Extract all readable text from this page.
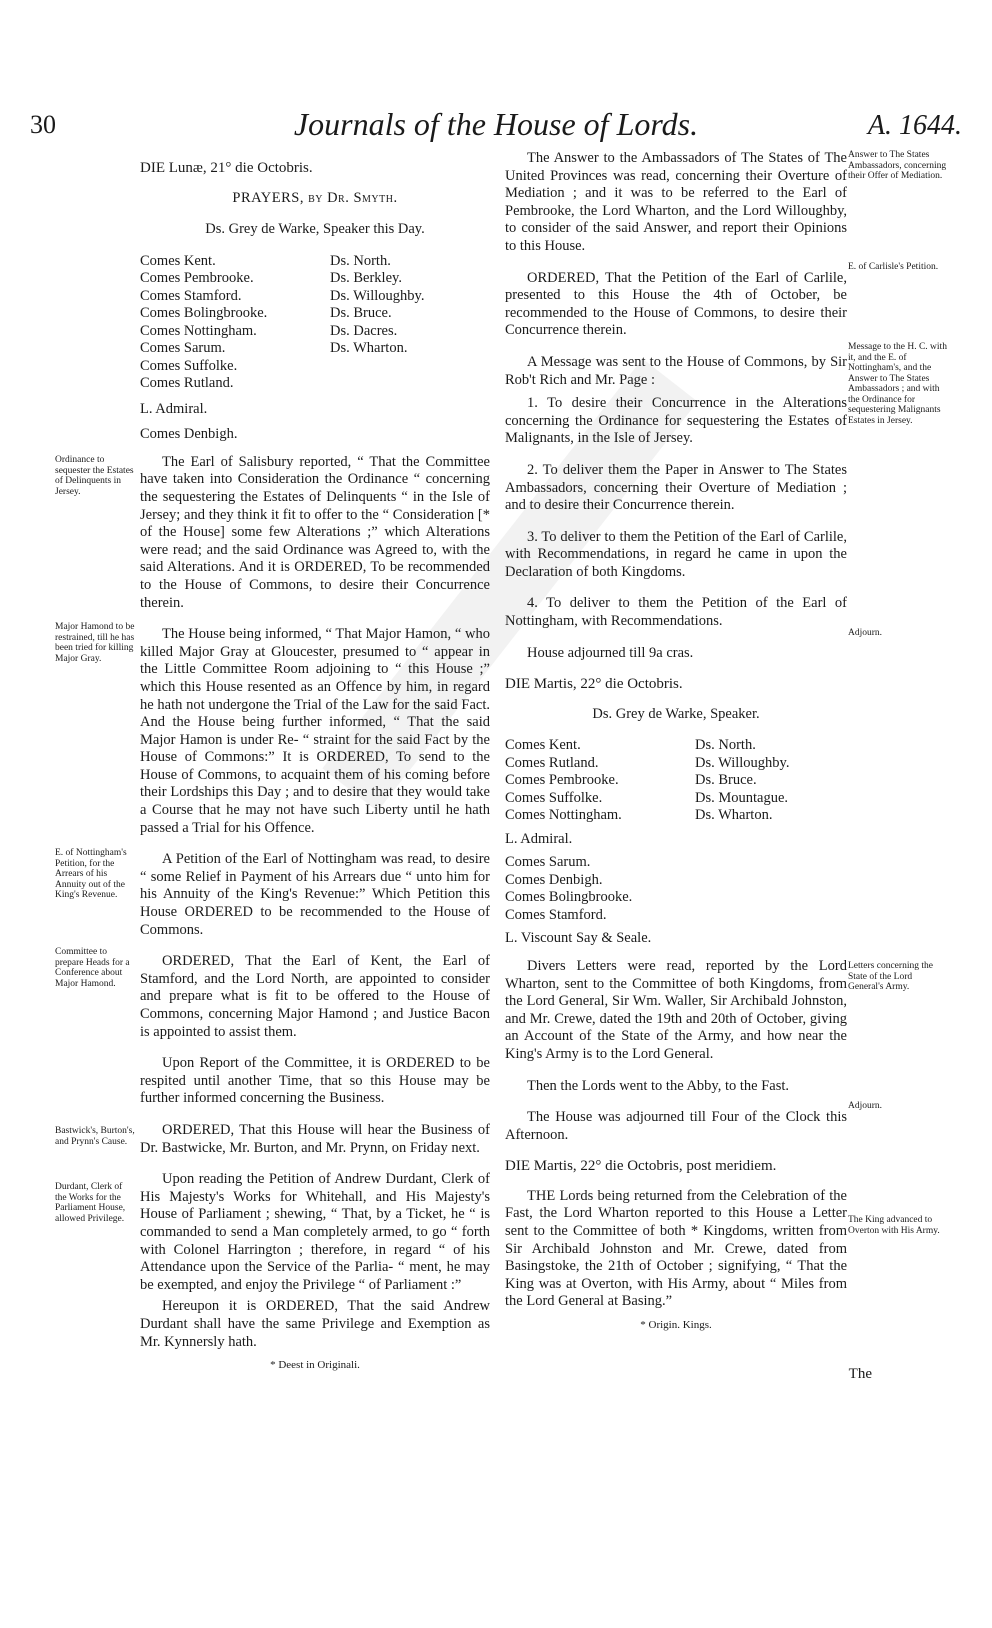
30	Journals of the House of Lords.	A. 1644.
Ordinance to sequester the Estates of Delinquents in Jersey.
Major Hamond to be restrained, till he has been tried for killing Major Gray.
E. of Nottingham's Petition, for the Arrears of his Annuity out of the King's Revenue.
Committee to prepare Heads for a Conference about Major Hamond.
Bastwick's, Burton's, and Prynn's Cause.
Durdant, Clerk of the Works for the Parliament House, allowed Privilege.
Answer to The States Ambassadors, concerning their Offer of Mediation.
E. of Carlisle's Petition.
Message to the H. C. with it, and the E. of Nottingham's, and the Answer to The States Ambassadors ; and with the Ordinance for sequestering Malignants Estates in Jersey.
Adjourn.
Letters concerning the State of the Lord General's Army.
Adjourn.
The King advanced to Overton with His Army.
DIE Lunæ, 21° die Octobris.

PRAYERS, by Dr. Smyth.

Ds. Grey de Warke, Speaker this Day.

Comes Kent.
Comes Pembrooke.
Comes Stamford.
Comes Bolingbrooke.
Comes Nottingham.
Comes Sarum.
Comes Suffolke.
Comes Rutland.
L. Admiral.
Comes Denbigh.
Ds. North.
Ds. Berkley.
Ds. Willoughby.
Ds. Bruce.
Ds. Dacres.
Ds. Wharton.

The Earl of Salisbury reported, “ That the Committee have taken into Consideration the Ordinance “ concerning the sequestering the Estates of Delinquents “ in the Isle of Jersey; and they think it fit to offer to the “ Consideration [* of the House] some few Alterations ;” which Alterations were read; and the said Ordinance was Agreed to, with the said Alterations. And it is ORDERED, To be recommended to the House of Commons, to desire their Concurrence therein.

The House being informed, “ That Major Hamon, “ who killed Major Gray at Gloucester, presumed to “ appear in the Little Committee Room adjoining to “ this House ;” which this House resented as an Offence by him, in regard he hath not undergone the Trial of the Law for the said Fact. And the House being further informed, “ That the said Major Hamon is under Re- “ straint for the said Fact by the House of Commons:” It is ORDERED, To send to the House of Commons, to acquaint them of his coming before their Lordships this Day ; and to desire that they would take a Course that he may not have such Liberty until he hath passed a Trial for his Offence.

A Petition of the Earl of Nottingham was read, to desire “ some Relief in Payment of his Arrears due “ unto him for his Annuity of the King's Revenue:” Which Petition this House ORDERED to be recommended to the House of Commons.

ORDERED, That the Earl of Kent, the Earl of Stamford, and the Lord North, are appointed to consider and prepare what is fit to be offered to the House of Commons, concerning Major Hamond ; and Justice Bacon is appointed to assist them.

Upon Report of the Committee, it is ORDERED to be respited until another Time, that so this House may be further informed concerning the Business.

ORDERED, That this House will hear the Business of Dr. Bastwicke, Mr. Burton, and Mr. Prynn, on Friday next.

Upon reading the Petition of Andrew Durdant, Clerk of His Majesty's Works for Whitehall, and His Majesty's House of Parliament ; shewing, “ That, by a Ticket, he “ is commanded to send a Man completely armed, to go “ forth with Colonel Harrington ; therefore, in regard “ of his Attendance upon the Service of the Parlia- “ ment, he may be exempted, and enjoy the Privilege “ of Parliament :”

Hereupon it is ORDERED, That the said Andrew Durdant shall have the same Privilege and Exemption as Mr. Kynnersly hath.

* Deest in Originali.

The Answer to the Ambassadors of The States of The United Provinces was read, concerning their Overture of Mediation ; and it was to be referred to the Earl of Pembrooke, the Lord Wharton, and the Lord Willoughby, to consider of the said Answer, and report their Opinions to this House.

ORDERED, That the Petition of the Earl of Carlile, presented to this House the 4th of October, be recommended to the House of Commons, to desire their Concurrence therein.

A Message was sent to the House of Commons, by Sir Rob't Rich and Mr. Page :

1. To desire their Concurrence in the Alterations concerning the Ordinance for sequestering the Estates of Malignants, in the Isle of Jersey.

2. To deliver them the Paper in Answer to The States Ambassadors, concerning their Overture of Mediation ; and to desire their Concurrence therein.

3. To deliver to them the Petition of the Earl of Carlile, with Recommendations, in regard he came in upon the Declaration of both Kingdoms.

4. To deliver to them the Petition of the Earl of Nottingham, with Recommendations.

House adjourned till 9a cras.

DIE Martis, 22° die Octobris.

Ds. Grey de Warke, Speaker.

Comes Kent.
Comes Rutland.
Comes Pembrooke.
Comes Suffolke.
Comes Nottingham.
L. Admiral.
Comes Sarum.
Comes Denbigh.
Comes Bolingbrooke.
Comes Stamford.
L. Viscount Say & Seale.
Ds. North.
Ds. Willoughby.
Ds. Bruce.
Ds. Mountague.
Ds. Wharton.

Divers Letters were read, reported by the Lord Wharton, sent to the Committee of both Kingdoms, from the Lord General, Sir Wm. Waller, Sir Archibald Johnston, and Mr. Crewe, dated the 19th and 20th of October, giving an Account of the State of the Army, and how near the King's Army is to the Lord General.

Then the Lords went to the Abby, to the Fast.

The House was adjourned till Four of the Clock this Afternoon.

DIE Martis, 22° die Octobris, post meridiem.

THE Lords being returned from the Celebration of the Fast, the Lord Wharton reported to this House a Letter sent to the Committee of both * Kingdoms, written from Sir Archibald Johnston and Mr. Crewe, dated from Basingstoke, the 21th of October ; signifying, “ That the King was at Overton, with His Army, about “ Miles from the Lord General at Basing.”

* Origin. Kings.
The
